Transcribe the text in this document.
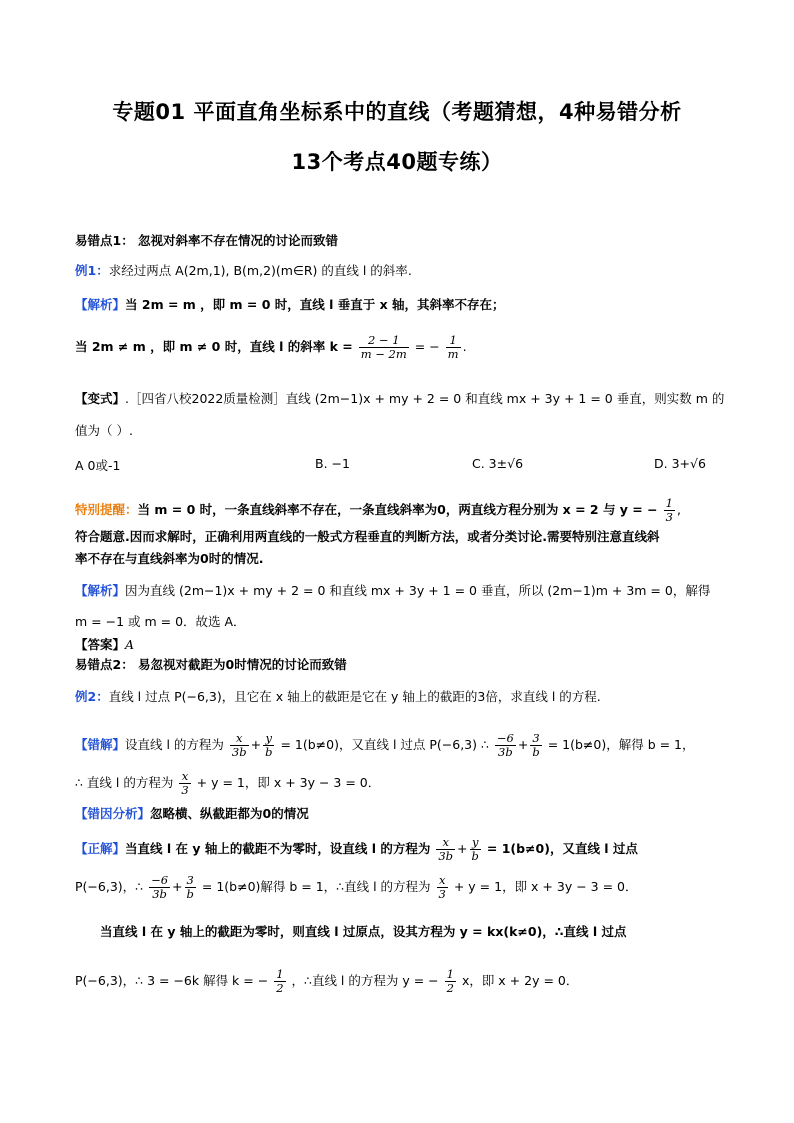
专题01 平面直角坐标系中的直线（考题猜想，4种易错分析
13个考点40题专练）
易错点1： 忽视对斜率不存在情况的讨论而致错
例1：求经过两点 A(2m,1), B(m,2)(m∈R) 的直线 l 的斜率.
【解析】当 2m = m ，即 m = 0 时，直线 l 垂直于 x 轴，其斜率不存在；
当 2m ≠ m ，即 m ≠ 0 时，直线 l 的斜率 $k = \frac{2 - 1}{m - 2m}$ = − $\frac{1}{m}$ .
【变式】.［四省八校2022质量检测］直线 (2m−1)x + my + 2 = 0 和直线 mx + 3y + 1 = 0 垂直，则实数 m 的
值为（ ）.
A 0或-1	B. −1	C. 3±√6	D. 3+√6
特别提醒：当 m = 0 时，一条直线斜率不存在，一条直线斜率为0，两直线方程分别为 x = 2 与 y = − $\frac{1}{3}$ ,
符合题意.因而求解时，正确利用两直线的一般式方程垂直的判断方法，或者分类讨论.需要特别注意直线斜
率不存在与直线斜率为0时的情况.
【解析】因为直线 (2m−1)x + my + 2 = 0 和直线 mx + 3y + 1 = 0 垂直，所以 (2m−1)m + 3m = 0，解得
m = −1 或 m = 0．故选 A．
【答案】A
易错点2： 易忽视对截距为0时情况的讨论而致错
例2：直线 l 过点 P(−6,3)，且它在 x 轴上的截距是它在 y 轴上的截距的3倍，求直线 l 的方程.
【错解】设直线 l 的方程为 $\frac{x}{3b} + \frac{y}{b} = 1(b\ne 0)$，又直线 l 过点 P(−6,3) ∴ $\frac{-6}{3b} + \frac{3}{b} = 1(b\ne 0)$，解得 b = 1，
∴ 直线 l 的方程为 $\frac{x}{3} + y = 1$，即 x + 3y − 3 = 0．
【错因分析】忽略横、纵截距都为0的情况
【正解】当直线 l 在 y 轴上的截距不为零时，设直线 l 的方程为 $\frac{x}{3b} + \frac{y}{b} = 1(b\ne 0)$，又直线 l 过点
P(−6,3)，∴ $\frac{-6}{3b} + \frac{3}{b} = 1(b\ne 0)$解得 b = 1，∴直线 l 的方程为 $\frac{x}{3} + y = 1$，即 x + 3y − 3 = 0．
当直线 l 在 y 轴上的截距为零时，则直线 l 过原点，设其方程为 y = kx(k≠0)，∴直线 l 过点
P(−6,3)，∴ 3 = −6k 解得 k = − $\frac{1}{2}$ ，∴直线 l 的方程为 y = − $\frac{1}{2}$ x，即 x + 2y = 0．
